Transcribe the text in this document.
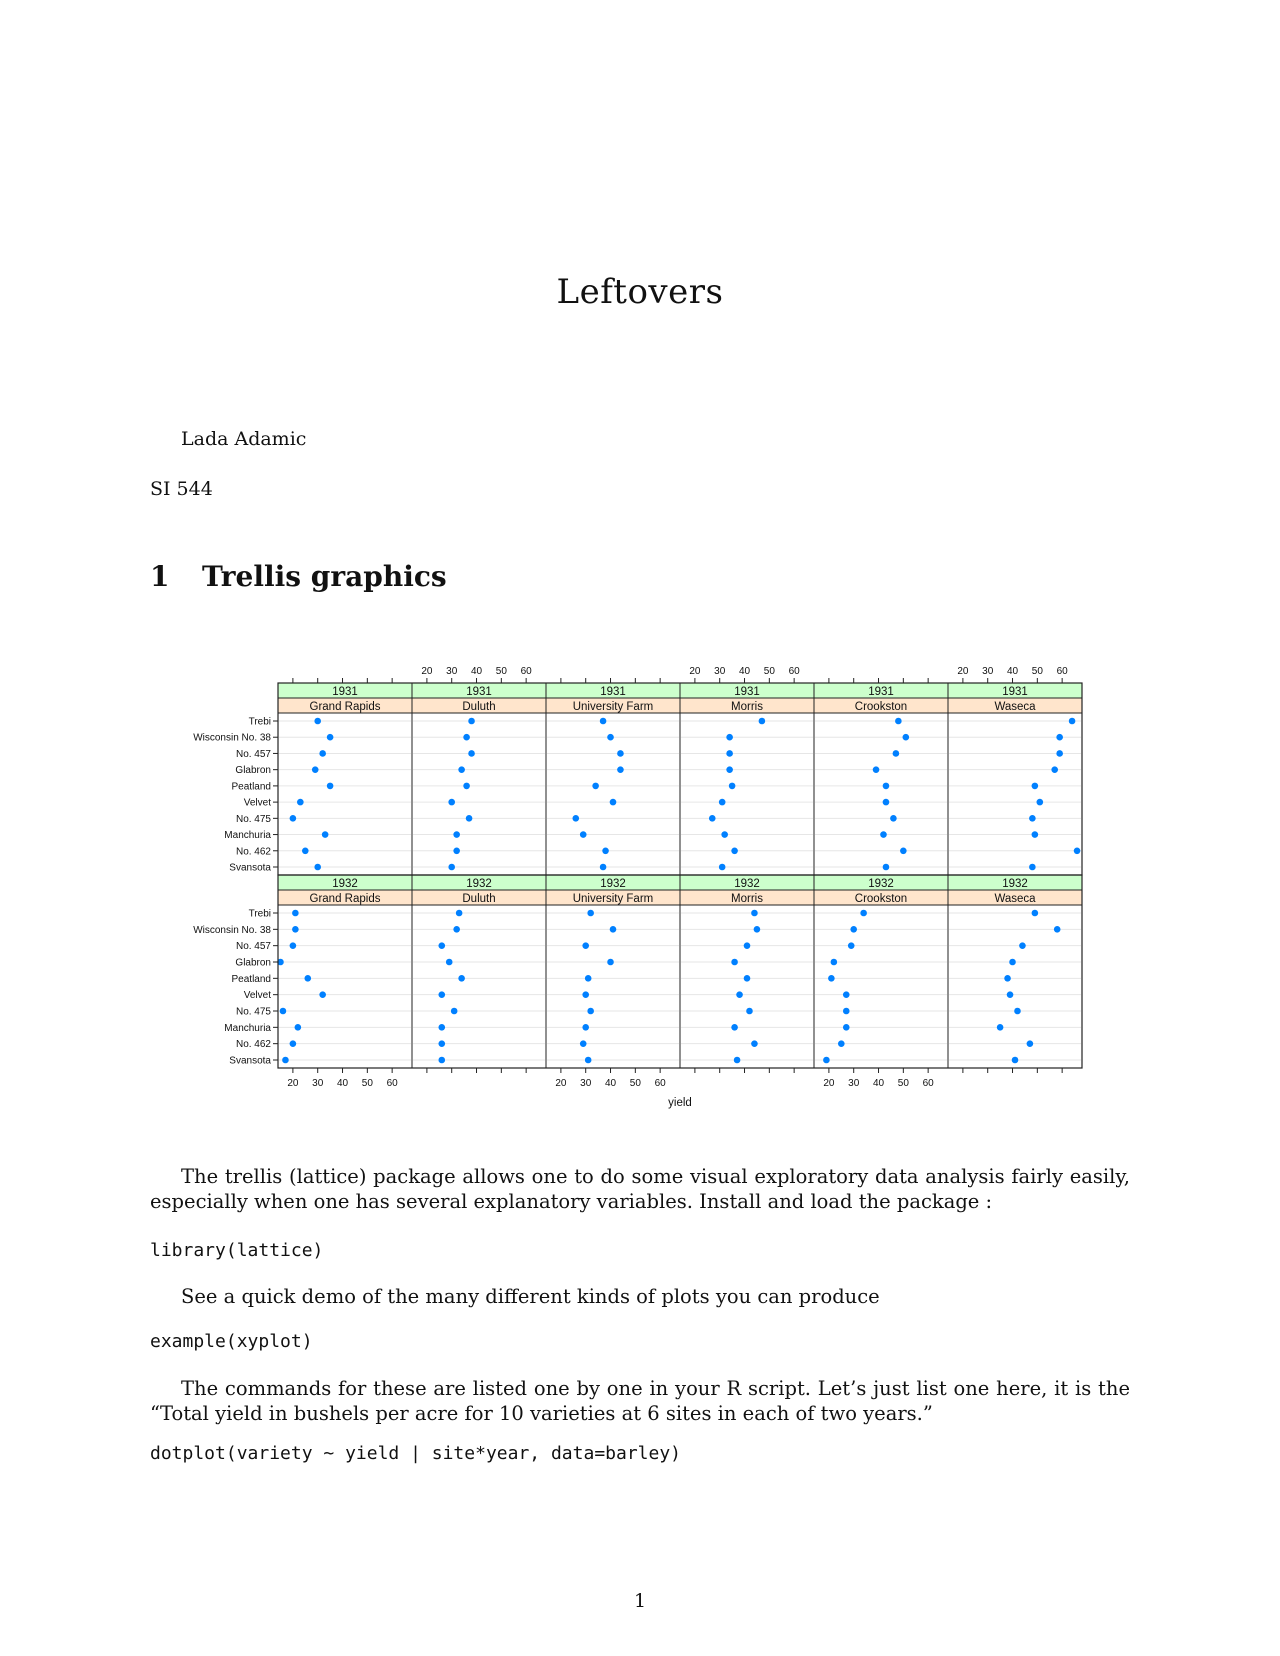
Leftovers
Lada Adamic
SI 544
1 Trellis graphics
1931
Grand Rapids
1931
Duluth
1931
University Farm
1931
Morris
1931
Crookston
1931
Waseca
1932
Grand Rapids
1932
Duluth
1932
University Farm
1932
Morris
1932
Crookston
1932
Waseca
Trebi
Wisconsin No. 38
No. 457
Glabron
Peatland
Velvet
No. 475
Manchuria
No. 462
Svansota
Trebi
Wisconsin No. 38
No. 457
Glabron
Peatland
Velvet
No. 475
Manchuria
No. 462
Svansota
20 30 40 50 60
20 30 40 50 60
20 30 40 50 60
20 30 40 50 60
20 30 40 50 60
20 30 40 50 60
yield

The trellis (lattice) package allows one to do some visual exploratory data analysis fairly easily, especially when one has several explanatory variables. Install and load the package :

library(lattice)

See a quick demo of the many different kinds of plots you can produce

example(xyplot)

The commands for these are listed one by one in your R script. Let’s just list one here, it is the “Total yield in bushels per acre for 10 varieties at 6 sites in each of two years.”

dotplot(variety ~ yield | site*year, data=barley)
1
